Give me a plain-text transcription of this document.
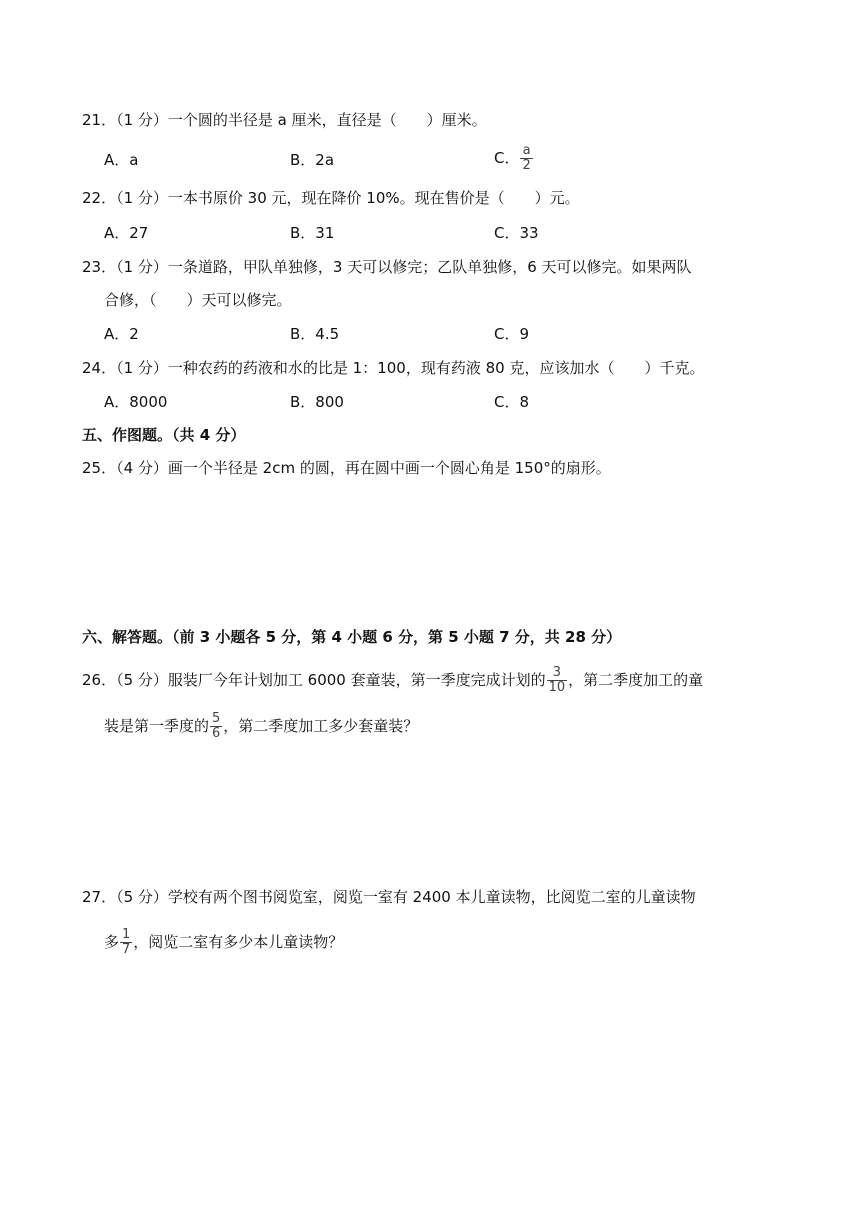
21．（1 分）一个圆的半径是 a 厘米，直径是（　　）厘米。
A．a	B．2a	C． $\frac{a}{2}$
22．（1 分）一本书原价 30 元，现在降价 10%。现在售价是（　　）元。
A．27	B．31	C．33
23．（1 分）一条道路，甲队单独修，3 天可以修完；乙队单独修，6 天可以修完。如果两队
合修，（　　）天可以修完。
A．2	B．4.5	C．9
24．（1 分）一种农药的药液和水的比是 1：100，现有药液 80 克，应该加水（　　）千克。
A．8000	B．800	C．8
五、作图题。（共 4 分）
25．（4 分）画一个半径是 2cm 的圆，再在圆中画一个圆心角是 150°的扇形。
六、解答题。（前 3 小题各 5 分，第 4 小题 6 分，第 5 小题 7 分，共 28 分）
26．（5 分）服装厂今年计划加工 6000 套童装，第一季度完成计划的 $\frac{3}{10}$ ，第二季度加工的童
装是第一季度的 $\frac{5}{6}$ ，第二季度加工多少套童装？
27．（5 分）学校有两个图书阅览室，阅览一室有 2400 本儿童读物，比阅览二室的儿童读物
多 $\frac{1}{7}$ ，阅览二室有多少本儿童读物？
